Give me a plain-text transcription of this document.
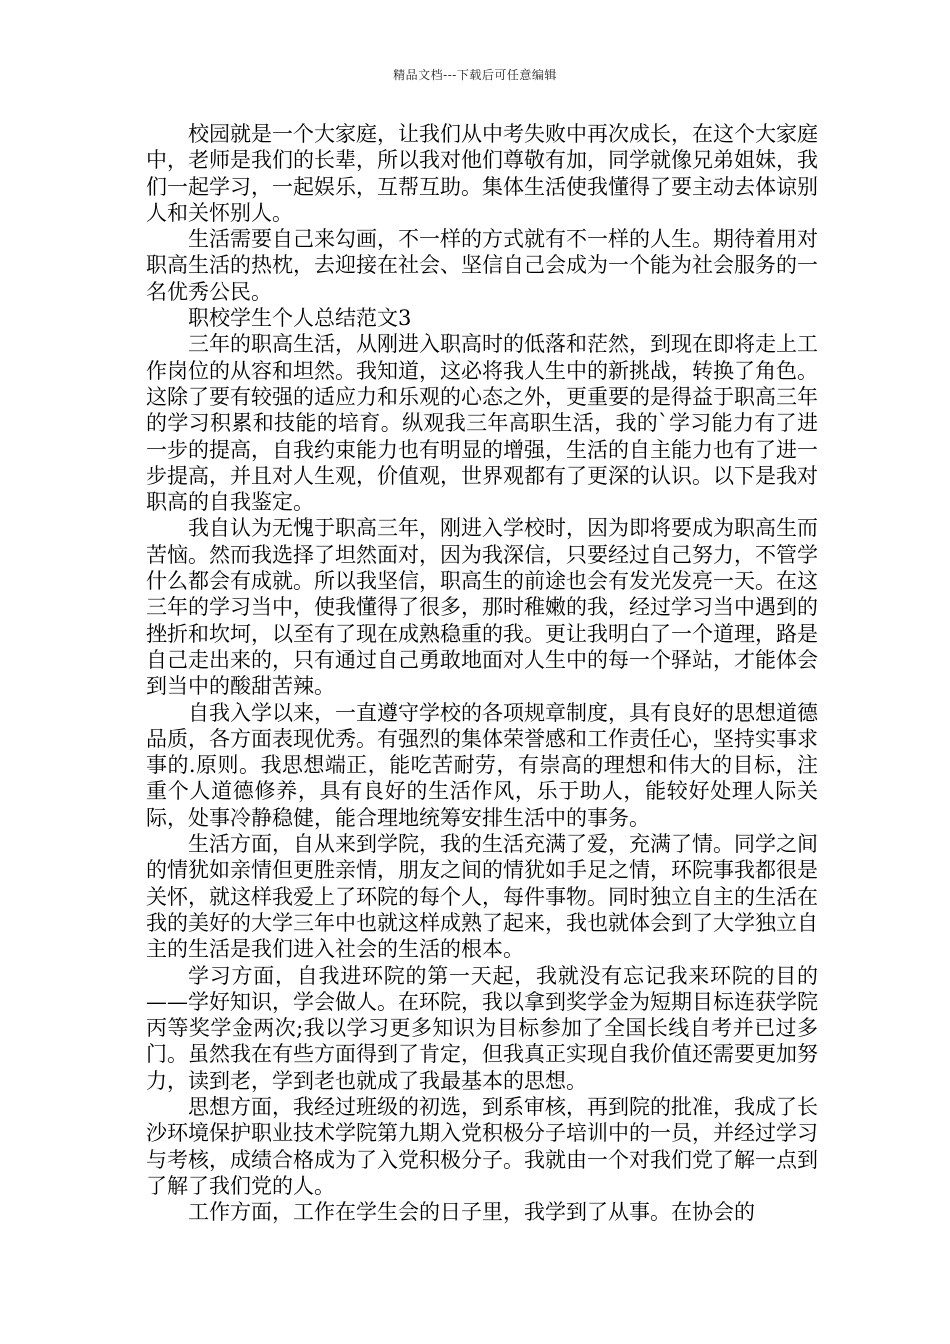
精品文档---下载后可任意编辑

校园就是一个大家庭，让我们从中考失败中再次成长，在这个大家庭中，老师是我们的长辈，所以我对他们尊敬有加，同学就像兄弟姐妹，我们一起学习，一起娱乐，互帮互助。集体生活使我懂得了要主动去体谅别人和关怀别人。

生活需要自己来勾画，不一样的方式就有不一样的人生。期待着用对职高生活的热枕，去迎接在社会、坚信自己会成为一个能为社会服务的一名优秀公民。

职校学生个人总结范文3

三年的职高生活，从刚进入职高时的低落和茫然，到现在即将走上工作岗位的从容和坦然。我知道，这必将我人生中的新挑战，转换了角色。这除了要有较强的适应力和乐观的心态之外，更重要的是得益于职高三年的学习积累和技能的培育。纵观我三年高职生活，我的`学习能力有了进一步的提高，自我约束能力也有明显的增强，生活的自主能力也有了进一步提高，并且对人生观，价值观，世界观都有了更深的认识。以下是我对职高的自我鉴定。

我自认为无愧于职高三年，刚进入学校时，因为即将要成为职高生而苦恼。然而我选择了坦然面对，因为我深信，只要经过自己努力，不管学什么都会有成就。所以我坚信，职高生的前途也会有发光发亮一天。在这三年的学习当中，使我懂得了很多，那时稚嫩的我，经过学习当中遇到的挫折和坎坷，以至有了现在成熟稳重的我。更让我明白了一个道理，路是自己走出来的，只有通过自己勇敢地面对人生中的每一个驿站，才能体会到当中的酸甜苦辣。

自我入学以来，一直遵守学校的各项规章制度，具有良好的思想道德品质，各方面表现优秀。有强烈的集体荣誉感和工作责任心，坚持实事求事的.原则。我思想端正，能吃苦耐劳，有崇高的理想和伟大的目标，注重个人道德修养，具有良好的生活作风，乐于助人，能较好处理人际关际，处事冷静稳健，能合理地统筹安排生活中的事务。

生活方面，自从来到学院，我的生活充满了爱，充满了情。同学之间的情犹如亲情但更胜亲情，朋友之间的情犹如手足之情，环院事我都很是关怀，就这样我爱上了环院的每个人，每件事物。同时独立自主的生活在我的美好的大学三年中也就这样成熟了起来，我也就体会到了大学独立自主的生活是我们进入社会的生活的根本。

学习方面，自我进环院的第一天起，我就没有忘记我来环院的目的——学好知识，学会做人。在环院，我以拿到奖学金为短期目标连获学院丙等奖学金两次;我以学习更多知识为目标参加了全国长线自考并已过多门。虽然我在有些方面得到了肯定，但我真正实现自我价值还需要更加努力，读到老，学到老也就成了我最基本的思想。

思想方面，我经过班级的初选，到系审核，再到院的批准，我成了长沙环境保护职业技术学院第九期入党积极分子培训中的一员，并经过学习与考核，成绩合格成为了入党积极分子。我就由一个对我们党了解一点到了解了我们党的人。

工作方面，工作在学生会的日子里，我学到了从事。在协会的
